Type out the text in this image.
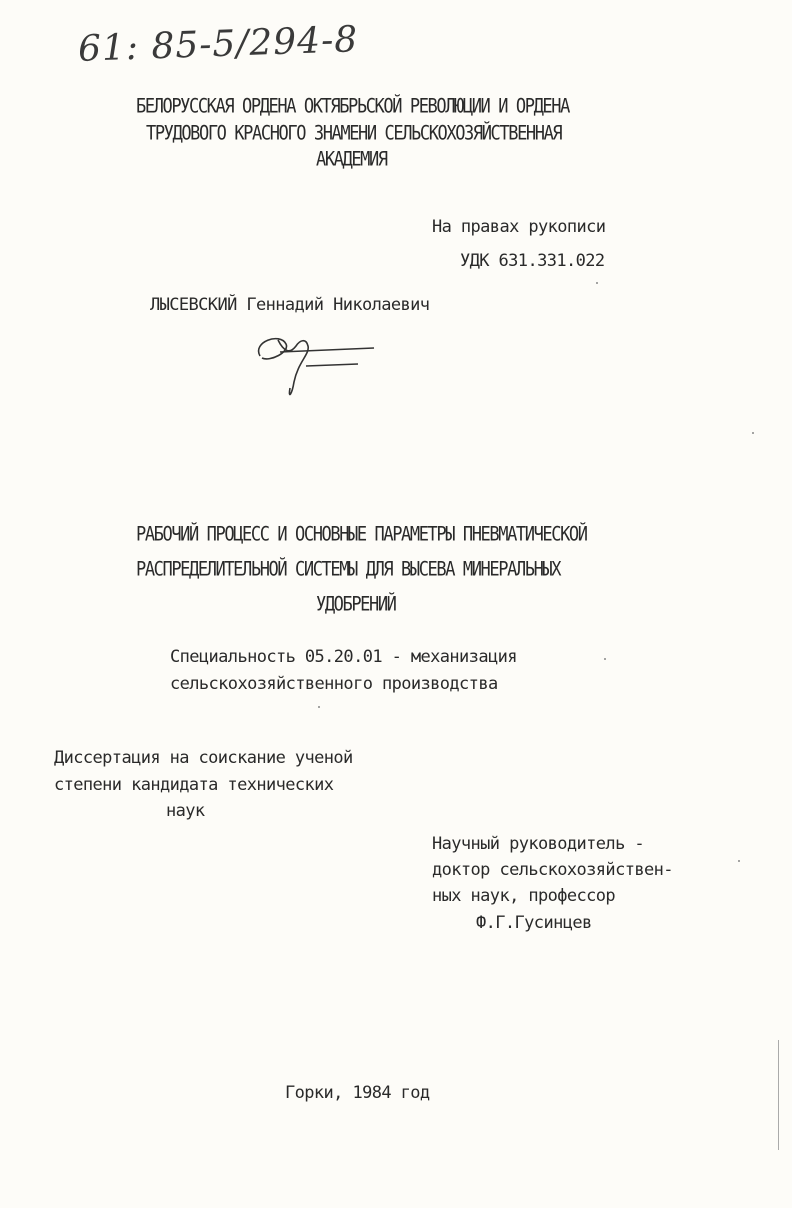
61: 85-5/294-8
БЕЛОРУССКАЯ ОРДЕНА ОКТЯБРЬСКОЙ РЕВОЛЮЦИИ И ОРДЕНА
ТРУДОВОГО КРАСНОГО ЗНАМЕНИ СЕЛЬСКОХОЗЯЙСТВЕННАЯ
АКАДЕМИЯ
На правах рукописи
УДК 631.331.022
ЛЫСЕВСКИЙ Геннадий Николаевич
РАБОЧИЙ ПРОЦЕСС И ОСНОВНЫЕ ПАРАМЕТРЫ ПНЕВМАТИЧЕСКОЙ
РАСПРЕДЕЛИТЕЛЬНОЙ СИСТЕМЫ ДЛЯ ВЫСЕВА МИНЕРАЛЬНЫХ
УДОБРЕНИЙ
Специальность 05.20.01 - механизация
сельскохозяйственного производства
Диссертация на соискание ученой
степени кандидата технических
наук
Научный руководитель -
доктор сельскохозяйствен-
ных наук, профессор
Ф.Г.Гусинцев
Горки, 1984 год
